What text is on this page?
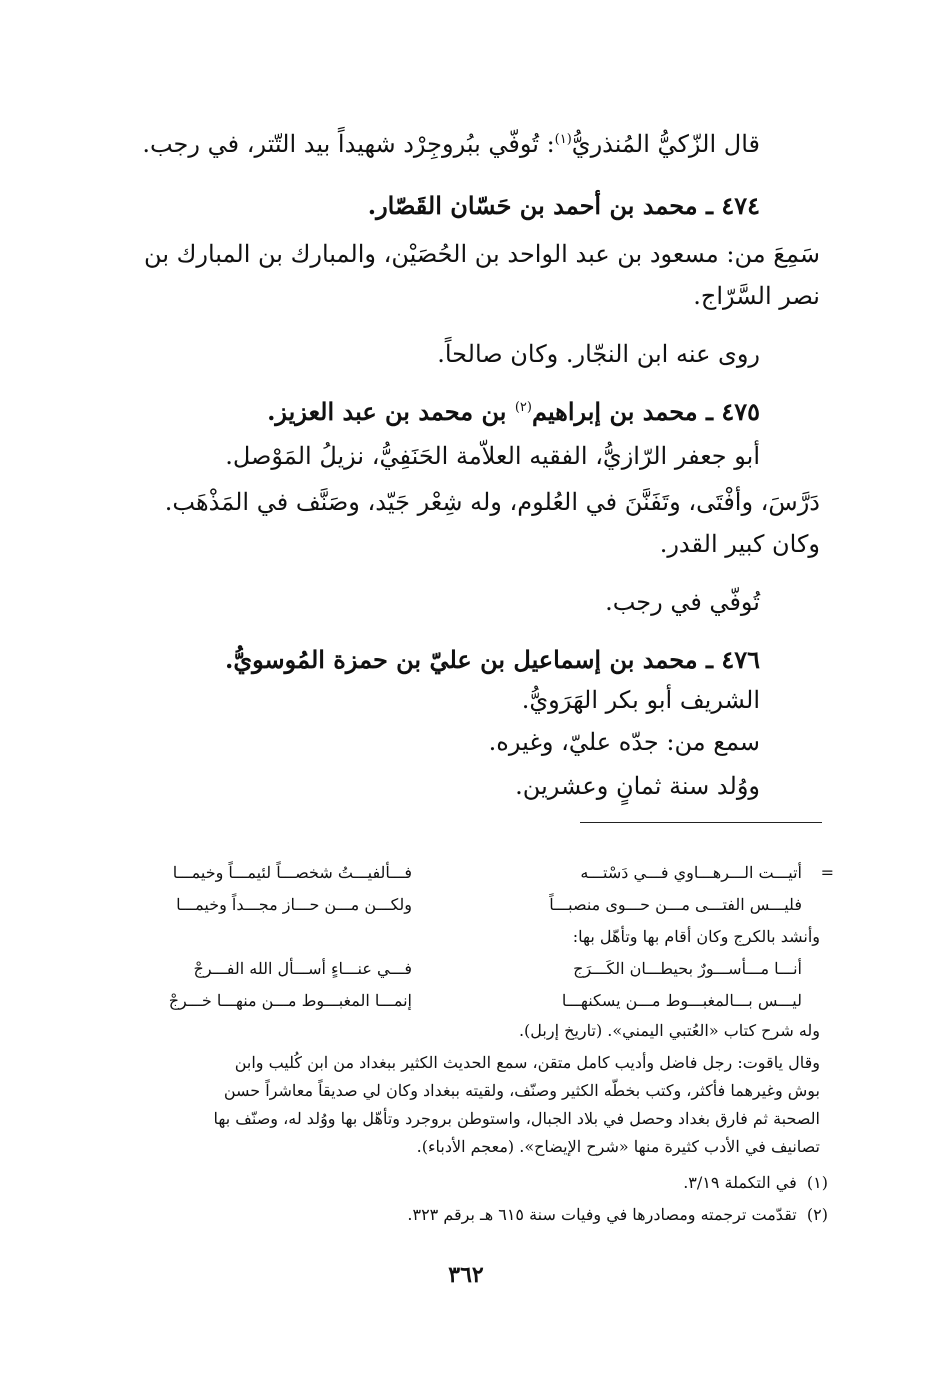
قال الزّكيُّ المُنذريُّ$^{(١)}$: تُوفّي ببُروجِرْد شهيداً بيد التّتر، في رجب.
٤٧٤ ـ محمد بن أحمد بن حَسّان القَصّار.
سَمِعَ من: مسعود بن عبد الواحد بن الحُصَيْن، والمبارك بن المبارك بن
نصر السَّرّاج.
روى عنه ابن النجّار. وكان صالحاً.
٤٧٥ ـ محمد بن إبراهيم$^{(٢)}$ بن محمد بن عبد العزيز.
أبو جعفر الرّازيُّ، الفقيه العلاّمة الحَنَفِيُّ، نزيلُ المَوْصل.
دَرَّسَ، وأفْتَى، وتَفَنَّنَ في العُلوم، وله شِعْر جَيّد، وصَنَّف في المَذْهَب.
وكان كبير القدر.
تُوفّي في رجب.
٤٧٦ ـ محمد بن إسماعيل بن عليّ بن حمزة المُوسويُّ.
الشريف أبو بكر الهَرَويُّ.
سمع من: جدّه عليّ، وغيره.
ووُلد سنة ثمانٍ وعشرين.
=
أتيـــت الـــرهـــاوي فـــي دَسْتـــه
فـــألفيـــتُ شخصـــاً لئيمـــاً وخيمـــا
فليـــس الفتـــى مـــن حـــوى منصبـــاً
ولكـــن مـــن حـــاز مجـــداً وخيمـــا
وأنشد بالكرج وكان أقام بها وتأهّل بها:
أنـــا مـــأســـورٌ بحيطـــان الكَـــرَج
فـــي عنـــاءٍ أســـأل الله الفـــرجْ
ليـــس بـــالمغبـــوط مـــن يسكنهـــا
إنمـــا المغبـــوط مـــن منهـــا خـــرجْ
وله شرح كتاب «العُتبي اليمني». (تاريخ إربل).
وقال ياقوت: رجل فاضل وأديب كامل متقن، سمع الحديث الكثير ببغداد من ابن كُليب وابن
بوش وغيرهما فأكثر، وكتب بخطّه الكثير وصنّف، ولقيته ببغداد وكان لي صديقاً معاشراً حسن
الصحبة ثم فارق بغداد وحصل في بلاد الجبال، واستوطن بروجرد وتأهّل بها ووُلد له، وصنّف بها
تصانيف في الأدب كثيرة منها «شرح الإيضاح». (معجم الأدباء).
(١)  في التكملة ٣/١٩.
(٢)  تقدّمت ترجمته ومصادرها في وفيات سنة ٦١٥ هـ برقم ٣٢٣.
٣٦٢
